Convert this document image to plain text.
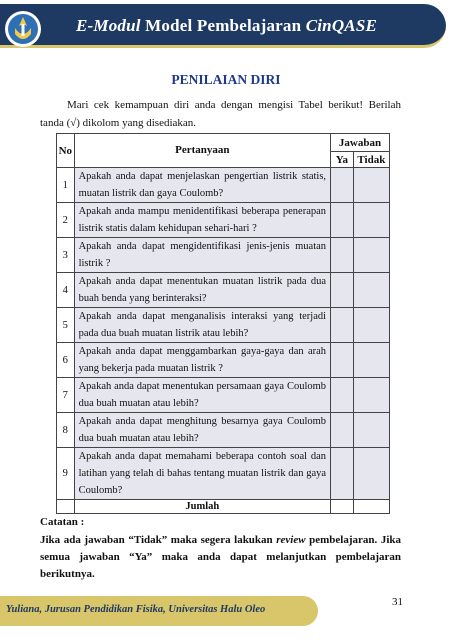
E-Modul Model Pembelajaran CinQASE
PENILAIAN DIRI

Mari cek kemampuan diri anda dengan mengisi Tabel berikut! Berilah tanda (√) dikolom yang disediakan.

No	Pertanyaan	Jawaban	
		Ya	Tidak
1	Apakah anda dapat menjelaskan pengertian listrik statis, muatan listrik dan gaya Coulomb?		
2	Apakah anda mampu menidentifikasi beberapa penerapan listrik statis dalam kehidupan sehari-hari ?		
3	Apakah anda dapat mengidentifikasi jenis-jenis muatan listrik ?		
4	Apakah anda dapat menentukan muatan listrik pada dua buah benda yang berinteraksi?		
5	Apakah anda dapat menganalisis interaksi yang terjadi pada dua buah muatan listrik atau lebih?		
6	Apakah anda dapat menggambarkan gaya-gaya dan arah yang bekerja pada muatan listrik ?		
7	Apakah anda dapat menentukan persamaan gaya Coulomb dua buah muatan atau lebih?		
8	Apakah anda dapat menghitung besarnya gaya Coulomb dua buah muatan atau lebih?		
9	Apakah anda dapat memahami beberapa contoh soal dan latihan yang telah di bahas tentang muatan listrik dan gaya Coulomb?		
	Jumlah		
Catatan :
Jika ada jawaban “Tidak” maka segera lakukan review pembelajaran. Jika semua jawaban “Ya” maka anda dapat melanjutkan pembelajaran berikutnya.
31
Yuliana, Jurusan Pendidikan Fisika, Universitas Halu Oleo
